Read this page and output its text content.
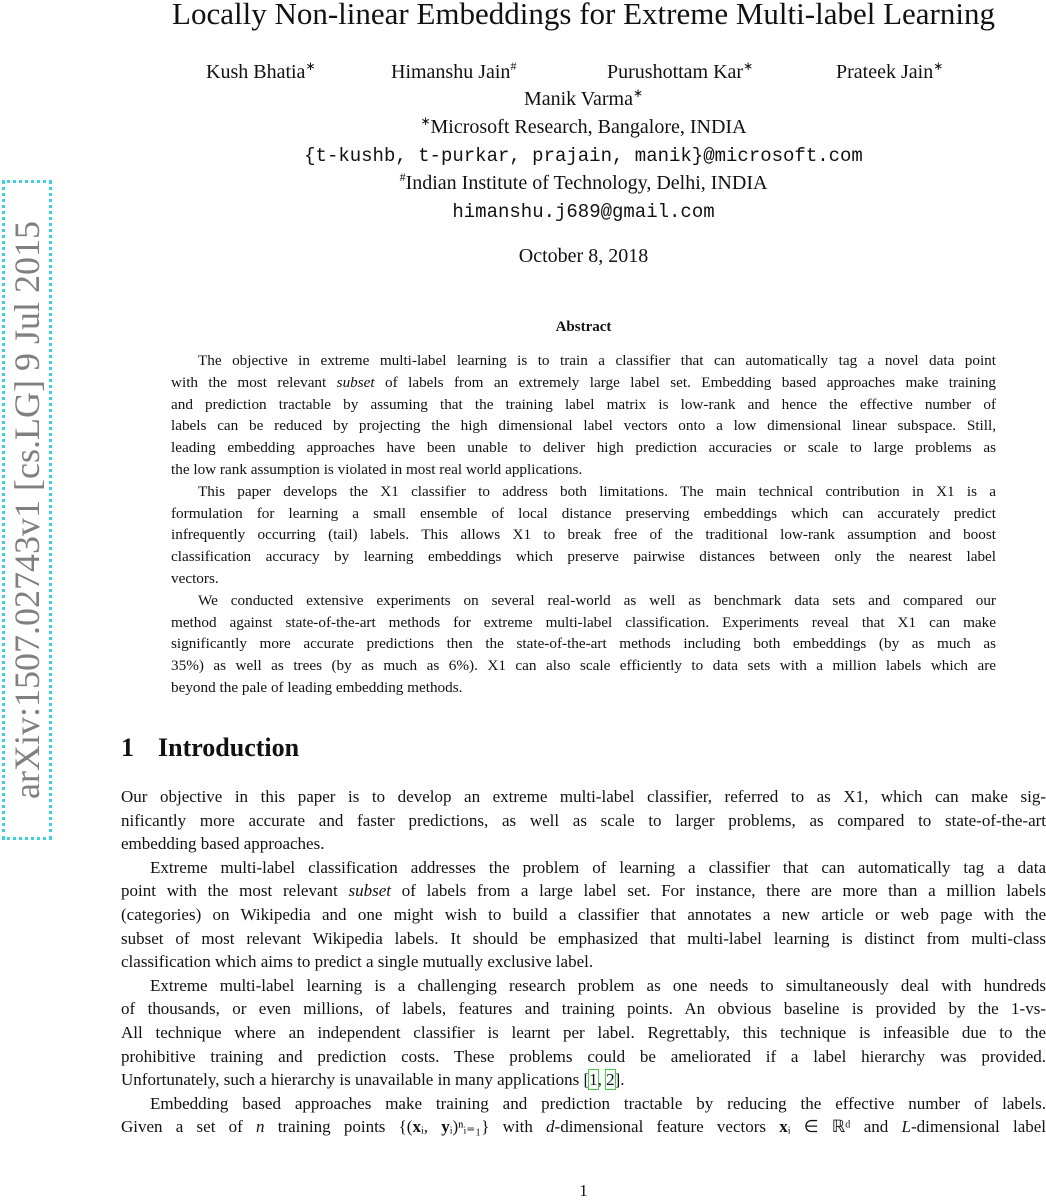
arXiv:1507.02743v1 [cs.LG] 9 Jul 2015
Locally Non-linear Embeddings for Extreme Multi-label Learning
Kush Bhatia∗	Himanshu Jain#	Purushottam Kar∗	Prateek Jain∗
Manik Varma∗
∗Microsoft Research, Bangalore, INDIA
{t-kushb, t-purkar, prajain, manik}@microsoft.com
#Indian Institute of Technology, Delhi, INDIA
himanshu.j689@gmail.com
October 8, 2018
Abstract
The objective in extreme multi-label learning is to train a classifier that can automatically tag a novel data point
with the most relevant subset of labels from an extremely large label set. Embedding based approaches make training
and prediction tractable by assuming that the training label matrix is low-rank and hence the effective number of
labels can be reduced by projecting the high dimensional label vectors onto a low dimensional linear subspace. Still,
leading embedding approaches have been unable to deliver high prediction accuracies or scale to large problems as
the low rank assumption is violated in most real world applications.
This paper develops the X1 classifier to address both limitations. The main technical contribution in X1 is a
formulation for learning a small ensemble of local distance preserving embeddings which can accurately predict
infrequently occurring (tail) labels. This allows X1 to break free of the traditional low-rank assumption and boost
classification accuracy by learning embeddings which preserve pairwise distances between only the nearest label
vectors.
We conducted extensive experiments on several real-world as well as benchmark data sets and compared our
method against state-of-the-art methods for extreme multi-label classification. Experiments reveal that X1 can make
significantly more accurate predictions then the state-of-the-art methods including both embeddings (by as much as
35%) as well as trees (by as much as 6%). X1 can also scale efficiently to data sets with a million labels which are
beyond the pale of leading embedding methods.
1 Introduction
Our objective in this paper is to develop an extreme multi-label classifier, referred to as X1, which can make sig-
nificantly more accurate and faster predictions, as well as scale to larger problems, as compared to state-of-the-art
embedding based approaches.
Extreme multi-label classification addresses the problem of learning a classifier that can automatically tag a data
point with the most relevant subset of labels from a large label set. For instance, there are more than a million labels
(categories) on Wikipedia and one might wish to build a classifier that annotates a new article or web page with the
subset of most relevant Wikipedia labels. It should be emphasized that multi-label learning is distinct from multi-class
classification which aims to predict a single mutually exclusive label.
Extreme multi-label learning is a challenging research problem as one needs to simultaneously deal with hundreds
of thousands, or even millions, of labels, features and training points. An obvious baseline is provided by the 1-vs-
All technique where an independent classifier is learnt per label. Regrettably, this technique is infeasible due to the
prohibitive training and prediction costs. These problems could be ameliorated if a label hierarchy was provided.
Unfortunately, such a hierarchy is unavailable in many applications [1, 2].
Embedding based approaches make training and prediction tractable by reducing the effective number of labels.
Given a set of n training points {(xᵢ, yᵢ)ⁿᵢ₌₁} with d-dimensional feature vectors xᵢ ∈ ℝᵈ and L-dimensional label
1
